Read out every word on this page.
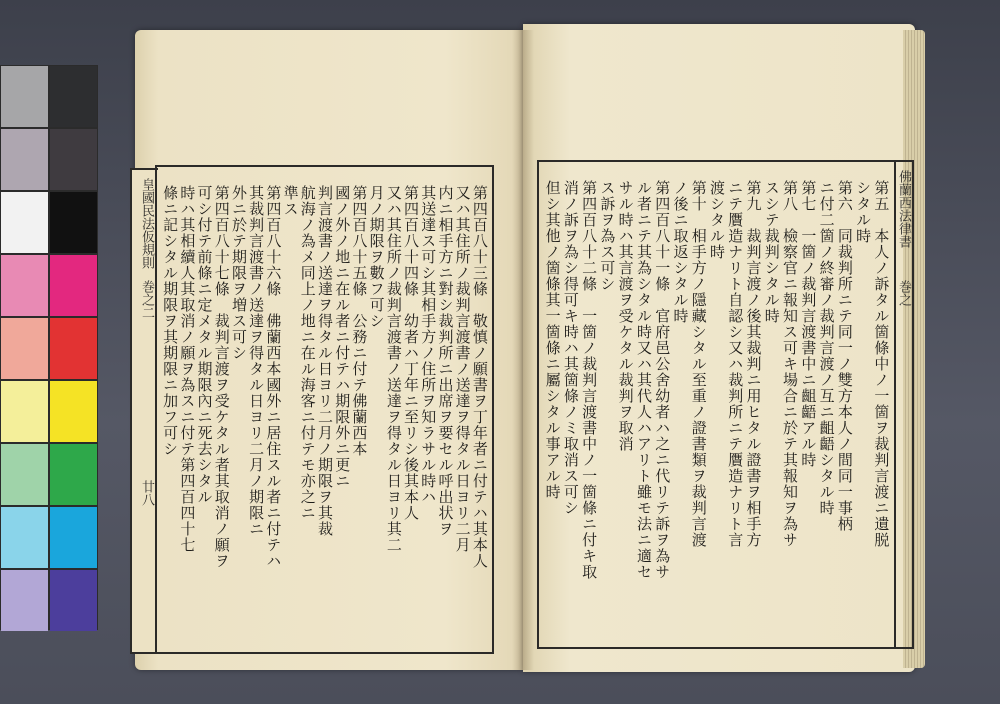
皇國民法仮規則
巻之二
廿八	第四百八十三條　敬慎ノ願書ヲ丁年者ニ付テハ其本人
又ハ其住所ノ裁判言渡書ノ送達ヲ得タル日ヨリ二月
内ニ相手方ニ對シ裁判所ニ出席ヲ要セル呼出状ヲ
其送達ス可シ其相手方ノ住所ヲ知ラサル時ハ
第四百八十四條　幼者ハ丁年ニ至リシ後其本人
又ハ其住所ノ裁判言渡書ノ送達ヲ得タル日ヨリ其二
月ノ期限ヲ數フ可シ
第四百八十五條　公務ニ付テ佛蘭西本
國ノ外ノ地ニ在ル者ニ付テハ期限外ニ更ニ
判言渡書ノ送達ヲ得タル日ヨリ二月ノ期限ヲ其裁
航海ノ為メ同上ノ地ニ在ル海客ニ付テモ亦之ニ
準ス
第四百八十六條　佛蘭西本國外ニ居住スル者ニ付テハ
其裁判言渡書ノ送達ヲ得タル日ヨリ二月ノ期限ニ
外ニ於テ期限ヲ増ス可シ
第四百八十七條　裁判言渡ヲ受ケタル者其取消ノ願ヲ
可シ付テ前條ニ定メタル期限內ニ死去シタル
時ハ其相續人其取消ノ願ヲ為スニ付テ第四百四十七
條ニ記シタル期限ヲ其期限ニ加フ可シ	佛蘭西法律書
巻之
第五　本人ノ訴タル箇條中ノ一箇ヲ裁判言渡ニ遺脱
シタル時
第六　同裁判所ニテ同一ノ雙方本人ノ間同一事柄
ニ付二箇ノ終審ノ裁判言渡ノ互ニ齟齬シタル時
第七　一箇ノ裁判言渡書中ニ齟齬アル時
第八　檢察官ニ報知ス可キ場合ニ於テ其報知ヲ為サ
スシテ裁判シタル時
第九　裁判言渡ノ後其裁判ニ用ヒタル證書ヲ相手方
ニテ贋造ナリト自認シ又ハ裁判所ニテ贋造ナリト言
渡シタル時
第十　相手方ノ隱藏シタル至重ノ證書類ヲ裁判言渡
ノ後ニ取返シタル時
第四百八十一條　官府邑公舍幼者ハ之ニ代リテ訴ヲ為サ
ル者ニテ其為シタル時又ハ其代人ハアリト雖モ法ニ適セ
サル時ハ其言渡ヲ受ケタル裁判ヲ取消
ス訴ヲ為ス可シ
第四百八十二條　一箇ノ裁判言渡書中ノ一箇條ニ付キ取
消ノ訴ヲ為シ得可キ時ハ其箇條ノミ取消ス可シ
但シ其他ノ箇條其一箇條ニ屬シタル事アル時
